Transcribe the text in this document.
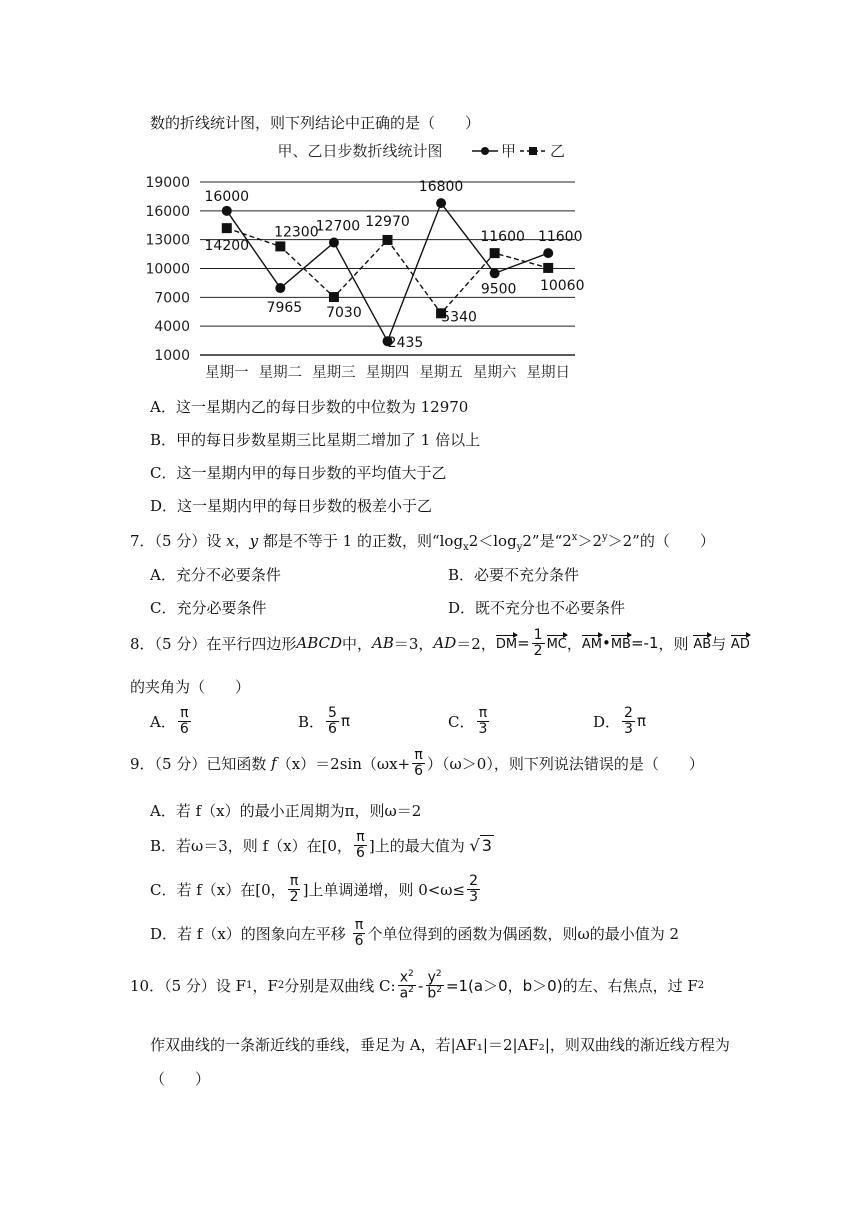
数的折线统计图，则下列结论中正确的是（　　）
甲、乙日步数折线统计图	甲 乙
1000
4000
7000
10000
13000
16000
19000
星期一 星期二 星期三 星期四 星期五 星期六 星期日
16000
7965
12700
2435
16800
9500
11600
14200
12300
7030
12970
5340
11600
10060
A．这一星期内乙的每日步数的中位数为 12970
B．甲的每日步数星期三比星期二增加了 1 倍以上
C．这一星期内甲的每日步数的平均值大于乙
D．这一星期内甲的每日步数的极差小于乙
7．（5 分）设 x，y 都是不等于 1 的正数，则“$\log_x2<\log_y2$”是“$2^x>2^y>2$”的（　　）
A．充分不必要条件	B．必要不充分条件
C．充分必要条件	D．既不充分也不必要条件
8．（5 分）在平行四边形 ABCD 中， AB ＝3， AD ＝2， DM = $\frac{1}{2}$ MC ， AM • MB =-1 ，则
AB 与
AD
的夹角为（　　）
A． $\frac{\pi}{6}$	B． $\frac{5}{6}$ π	C． $\frac{\pi}{3}$	D． $\frac{2}{3}$ π
9．（5 分）已知函数
f $(x)=2\sin(\omega x+ \frac{\pi}{6} )(\omega>0)$，则下列说法错误的是（　　）
A．若 f（x）的最小正周期为π，则ω＝2
B．若ω＝3，则 f（x）在[0， $\frac{\pi}{6}$ ]上的最大值为
√ 3
C．若 f（x）在[0， $\frac{\pi}{2}$ ]上单调递增，则 $0<\omega\le \frac{2}{3}$
D．若 f（x）的图象向左平移
$\frac{\pi}{6}$ 个单位得到的函数为偶函数，则ω的最小值为 2
10．（5 分）设 F 1 ，F 2 分别是双曲线 C: $\frac{x^2}{a^2} - \frac{y^2}{b^2} =1(a>0$，b＞0) 的左、右焦点，过 F 2
作双曲线的一条渐近线的垂线，垂足为 A，若|AF₁|＝2|AF₂|，则双曲线的渐近线方程为
（　　）
